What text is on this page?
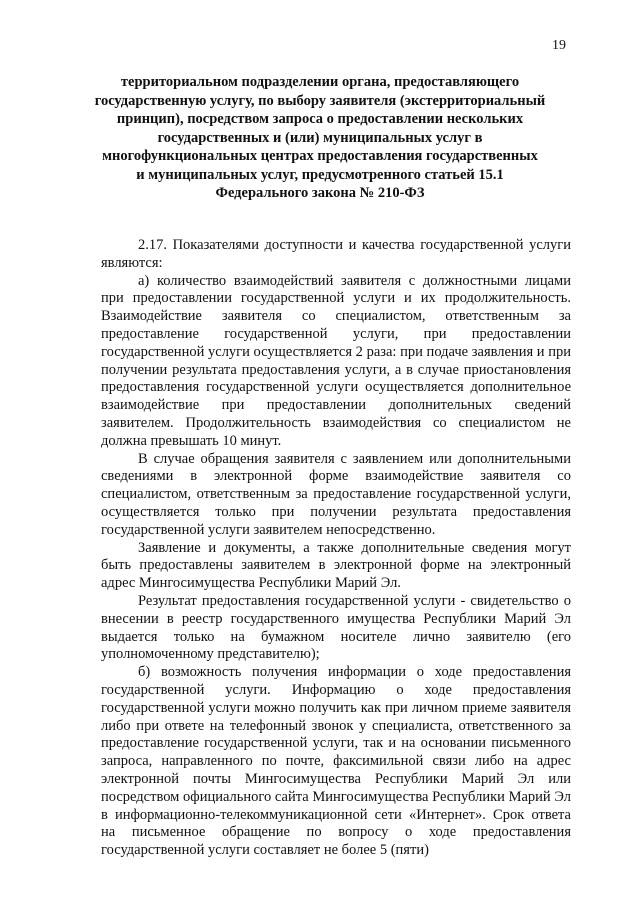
19
территориальном подразделении органа, предоставляющего
государственную услугу, по выбору заявителя (экстерриториальный
принцип), посредством запроса о предоставлении нескольких
государственных и (или) муниципальных услуг в
многофункциональных центрах предоставления государственных
и муниципальных услуг, предусмотренного статьей 15.1
Федерального закона № 210-ФЗ

2.17. Показателями доступности и качества государственной услуги являются:

а) количество взаимодействий заявителя с должностными лицами при предоставлении государственной услуги и их продолжительность. Взаимодействие заявителя со специалистом, ответственным за предоставление государственной услуги, при предоставлении государственной услуги осуществляется 2 раза: при подаче заявления и при получении результата предоставления услуги, а в случае приостановления предоставления государственной услуги осуществляется дополнительное взаимодействие при предоставлении дополнительных сведений заявителем. Продолжительность взаимодействия со специалистом не должна превышать 10 минут.

В случае обращения заявителя с заявлением или дополнительными сведениями в электронной форме взаимодействие заявителя со специалистом, ответственным за предоставление государственной услуги, осуществляется только при получении результата предоставления государственной услуги заявителем непосредственно.

Заявление и документы, а также дополнительные сведения могут быть предоставлены заявителем в электронной форме на электронный адрес Мингосимущества Республики Марий Эл.

Результат предоставления государственной услуги - свидетельство о внесении в реестр государственного имущества Республики Марий Эл выдается только на бумажном носителе лично заявителю (его уполномоченному представителю);

б) возможность получения информации о ходе предоставления государственной услуги. Информацию о ходе предоставления государственной услуги можно получить как при личном приеме заявителя либо при ответе на телефонный звонок у специалиста, ответственного за предоставление государственной услуги, так и на основании письменного запроса, направленного по почте, факсимильной связи либо на адрес электронной почты Мингосимущества Республики Марий Эл или посредством официального сайта Мингосимущества Республики Марий Эл в информационно-телекоммуникационной сети «Интернет». Срок ответа на письменное обращение по вопросу о ходе предоставления государственной услуги составляет не более 5 (пяти)
